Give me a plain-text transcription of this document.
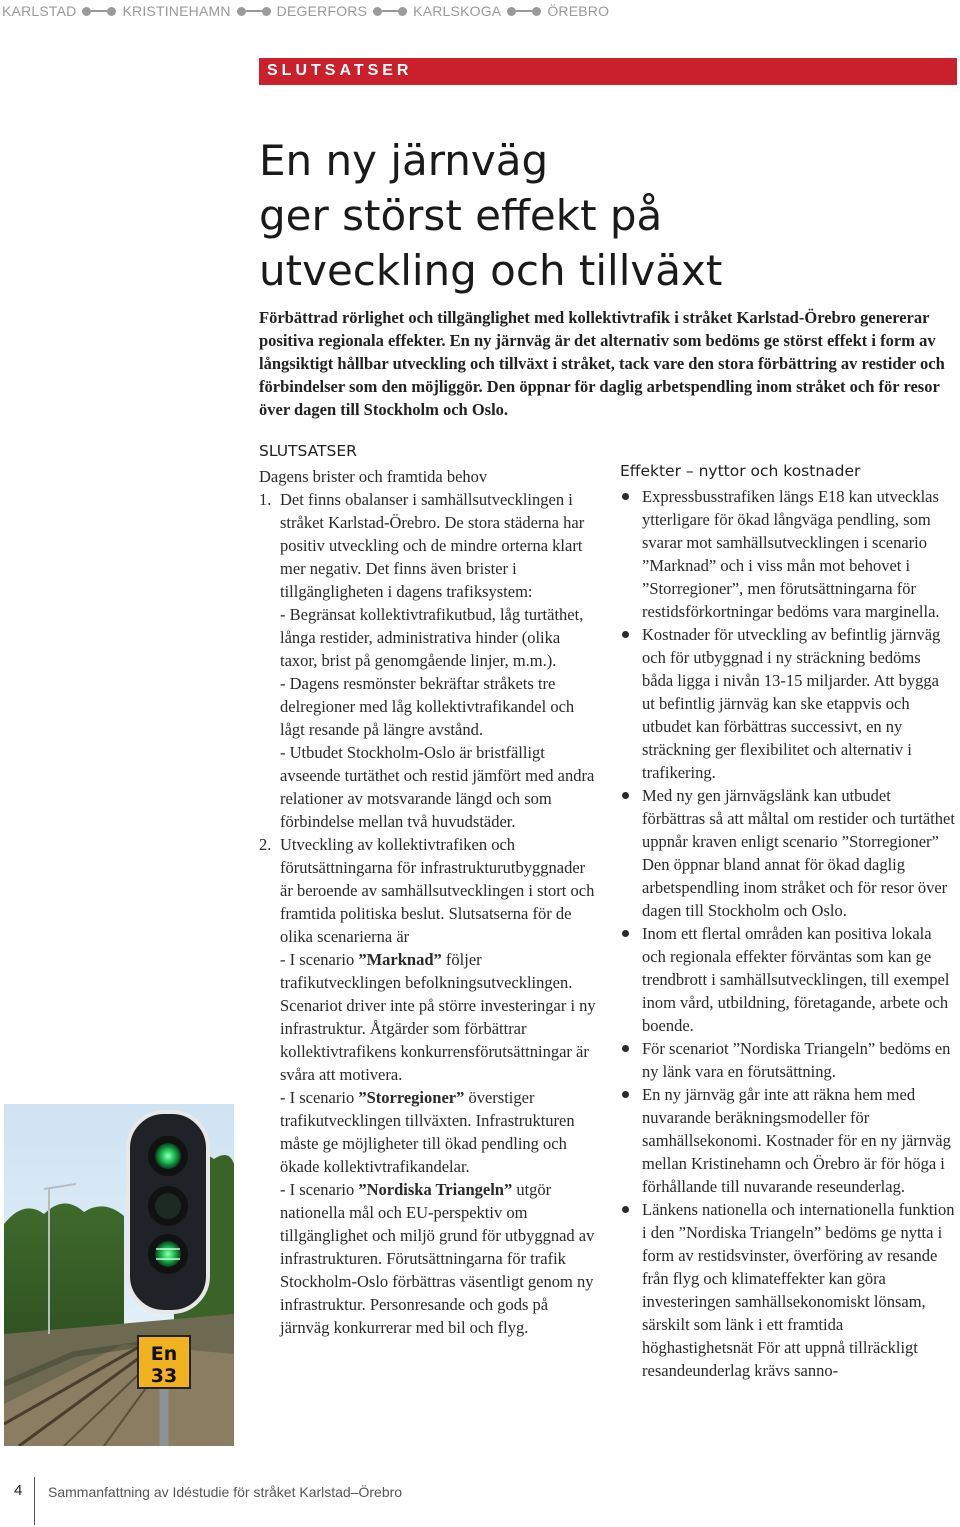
KARLSTAD	KRISTINEHAMN	DEGERFORS	KARLSKOGA	ÖREBRO
SLUTSATSER
En ny järnväg
ger störst effekt på
utveckling och tillväxt

Förbättrad rörlighet och tillgänglighet med kollektivtrafik i stråket Karlstad-Örebro genererar positiva regionala effekter. En ny järnväg är det alternativ som bedöms ge störst effekt i form av långsiktigt hållbar utveckling och tillväxt i stråket, tack vare den stora förbättring av restider och förbindelser som den möjliggör. Den öppnar för daglig arbetspendling inom stråket och för resor över dagen till Stockholm och Oslo.

SLUTSATSER

Dagens brister och framtida behov

1. Det finns obalanser i samhällsutvecklingen i stråket Karlstad-Örebro. De stora städerna har positiv utveckling och de mindre orterna klart mer negativ. Det finns även brister i tillgängligheten i dagens trafiksystem:

- Begränsat kollektivtrafikutbud, låg turtäthet, långa restider, administrativa hinder (olika taxor, brist på genomgående linjer, m.m.).

- Dagens resmönster bekräftar stråkets tre delregioner med låg kollektivtrafikandel och lågt resande på längre avstånd.

- Utbudet Stockholm-Oslo är bristfälligt avseende turtäthet och restid jämfört med andra relationer av motsvarande längd och som förbindelse mellan två huvudstäder.

2. Utveckling av kollektivtrafiken och förutsättningarna för infrastrukturutbyggnader är beroende av samhällsutvecklingen i stort och framtida politiska beslut. Slutsatserna för de olika scenarierna är

- I scenario ”Marknad” följer trafikutvecklingen befolkningsutvecklingen. Scenariot driver inte på större investeringar i ny infrastruktur. Åtgärder som förbättrar kollektivtrafikens konkurrensförutsättningar är svåra att motivera.

- I scenario ”Storregioner” överstiger trafikutvecklingen tillväxten. Infrastrukturen måste ge möjligheter till ökad pendling och ökade kollektivtrafikandelar.

- I scenario ”Nordiska Triangeln” utgör nationella mål och EU-perspektiv om tillgänglighet och miljö grund för utbyggnad av infrastrukturen. Förutsättningarna för trafik Stockholm-Oslo förbättras väsentligt genom ny infrastruktur. Personresande och gods på järnväg konkurrerar med bil och flyg.

Effekter – nyttor och kostnader

Expressbusstrafiken längs E18 kan utvecklas ytterligare för ökad långväga pendling, som svarar mot samhällsutvecklingen i scenario ”Marknad” och i viss mån mot behovet i ”Storregioner”, men förutsättningarna för restidsförkortningar bedöms vara marginella.

Kostnader för utveckling av befintlig järnväg och för utbyggnad i ny sträckning bedöms båda ligga i nivån 13-15 miljarder. Att bygga ut befintlig järnväg kan ske etappvis och utbudet kan förbättras successivt, en ny sträckning ger flexibilitet och alternativ i trafikering.

Med ny gen järnvägslänk kan utbudet förbättras så att måltal om restider och turtäthet uppnår kraven enligt scenario ”Storregioner” Den öppnar bland annat för ökad daglig arbetspendling inom stråket och för resor över dagen till Stockholm och Oslo.

Inom ett flertal områden kan positiva lokala och regionala effekter förväntas som kan ge trendbrott i samhällsutvecklingen, till exempel inom vård, utbildning, företagande, arbete och boende.

För scenariot ”Nordiska Triangeln” bedöms en ny länk vara en förutsättning.

En ny järnväg går inte att räkna hem med nuvarande beräkningsmodeller för samhällsekonomi. Kostnader för en ny järnväg mellan Kristinehamn och Örebro är för höga i förhållande till nuvarande reseunderlag.

Länkens nationella och internationella funktion i den ”Nordiska Triangeln” bedöms ge nytta i form av restidsvinster, överföring av resande från flyg och klimateffekter kan göra investeringen samhällsekonomiskt lönsam, särskilt som länk i ett framtida höghastighetsnät För att uppnå tillräckligt resandeunderlag krävs sanno-

En
33
4 Sammanfattning av Idéstudie för stråket Karlstad–Örebro
